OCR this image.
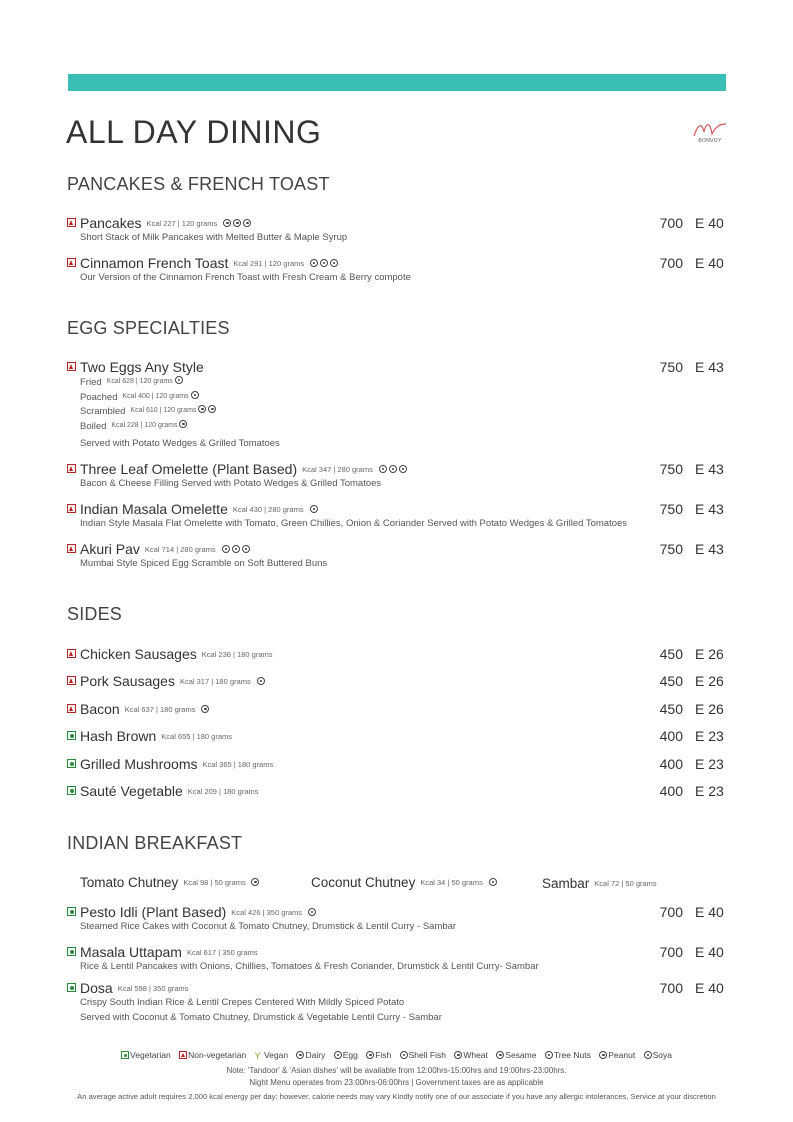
ALL DAY DINING	BONVOY
PANCAKES & FRENCH TOAST
Pancakes Kcal 227 | 120 grams
Short Stack of Milk Pancakes with Melted Butter & Maple Syrup
700 E 40
Cinnamon French Toast Kcal 291 | 120 grams
Our Version of the Cinnamon French Toast with Fresh Cream & Berry compote
700 E 40
EGG SPECIALTIES
Two Eggs Any Style
Fried $^{Kcal 628 | 120 grams}$
Poached $^{Kcal 400 | 120 grams}$
Scrambled $^{Kcal 610 | 120 grams}$
Boiled $^{Kcal 228 | 120 grams}$
Served with Potato Wedges & Grilled Tomatoes
750 E 43
Three Leaf Omelette (Plant Based) Kcal 347 | 280 grams
Bacon & Cheese Filling Served with Potato Wedges & Grilled Tomatoes
750 E 43
Indian Masala Omelette Kcal 430 | 280 grams
Indian Style Masala Flat Omelette with Tomato, Green Chillies, Onion & Coriander Served with Potato Wedges & Grilled Tomatoes
750 E 43
Akuri Pav Kcal 714 | 280 grams
Mumbai Style Spiced Egg Scramble on Soft Buttered Buns
750 E 43
SIDES
Chicken Sausages Kcal 236 | 180 grams	450 E 26
Pork Sausages Kcal 317 | 180 grams	450 E 26
Bacon Kcal 637 | 180 grams	450 E 26
Hash Brown Kcal 655 | 180 grams	400 E 23
Grilled Mushrooms Kcal 365 | 180 grams	400 E 23
Sauté Vegetable Kcal 209 | 180 grams	400 E 23
INDIAN BREAKFAST
Tomato Chutney Kcal 98 | 50 grams	Coconut Chutney Kcal 34 | 50 grams	Sambar Kcal 72 | 50 grams
Pesto Idli (Plant Based) Kcal 426 | 350 grams
Steamed Rice Cakes with Coconut & Tomato Chutney, Drumstick & Lentil Curry - Sambar
700 E 40
Masala Uttapam Kcal 617 | 350 grams
Rice & Lentil Pancakes with Onions, Chillies, Tomatoes & Fresh Coriander, Drumstick & Lentil Curry- Sambar
700 E 40
Dosa Kcal 598 | 350 grams
Crispy South Indian Rice & Lentil Crepes Centered With Mildly Spiced Potato
Served with Coconut & Tomato Chutney, Drumstick & Vegetable Lentil Curry - Sambar
700 E 40
Vegetarian Non-vegetarian Y Vegan Dairy Egg Fish Shell Fish Wheat Sesame Tree Nuts Peanut Soya
Note: 'Tandoor' & 'Asian dishes' will be available from 12:00hrs-15:00hrs and 19:00hrs-23:00hrs.
Night Menu operates from 23:00hrs-06:00hrs | Government taxes are as applicable
An average active adult requires 2,000 kcal energy per day; however, calorie needs may vary Kindly notify one of our associate if you have any allergic intolerances, Service at your discretion
